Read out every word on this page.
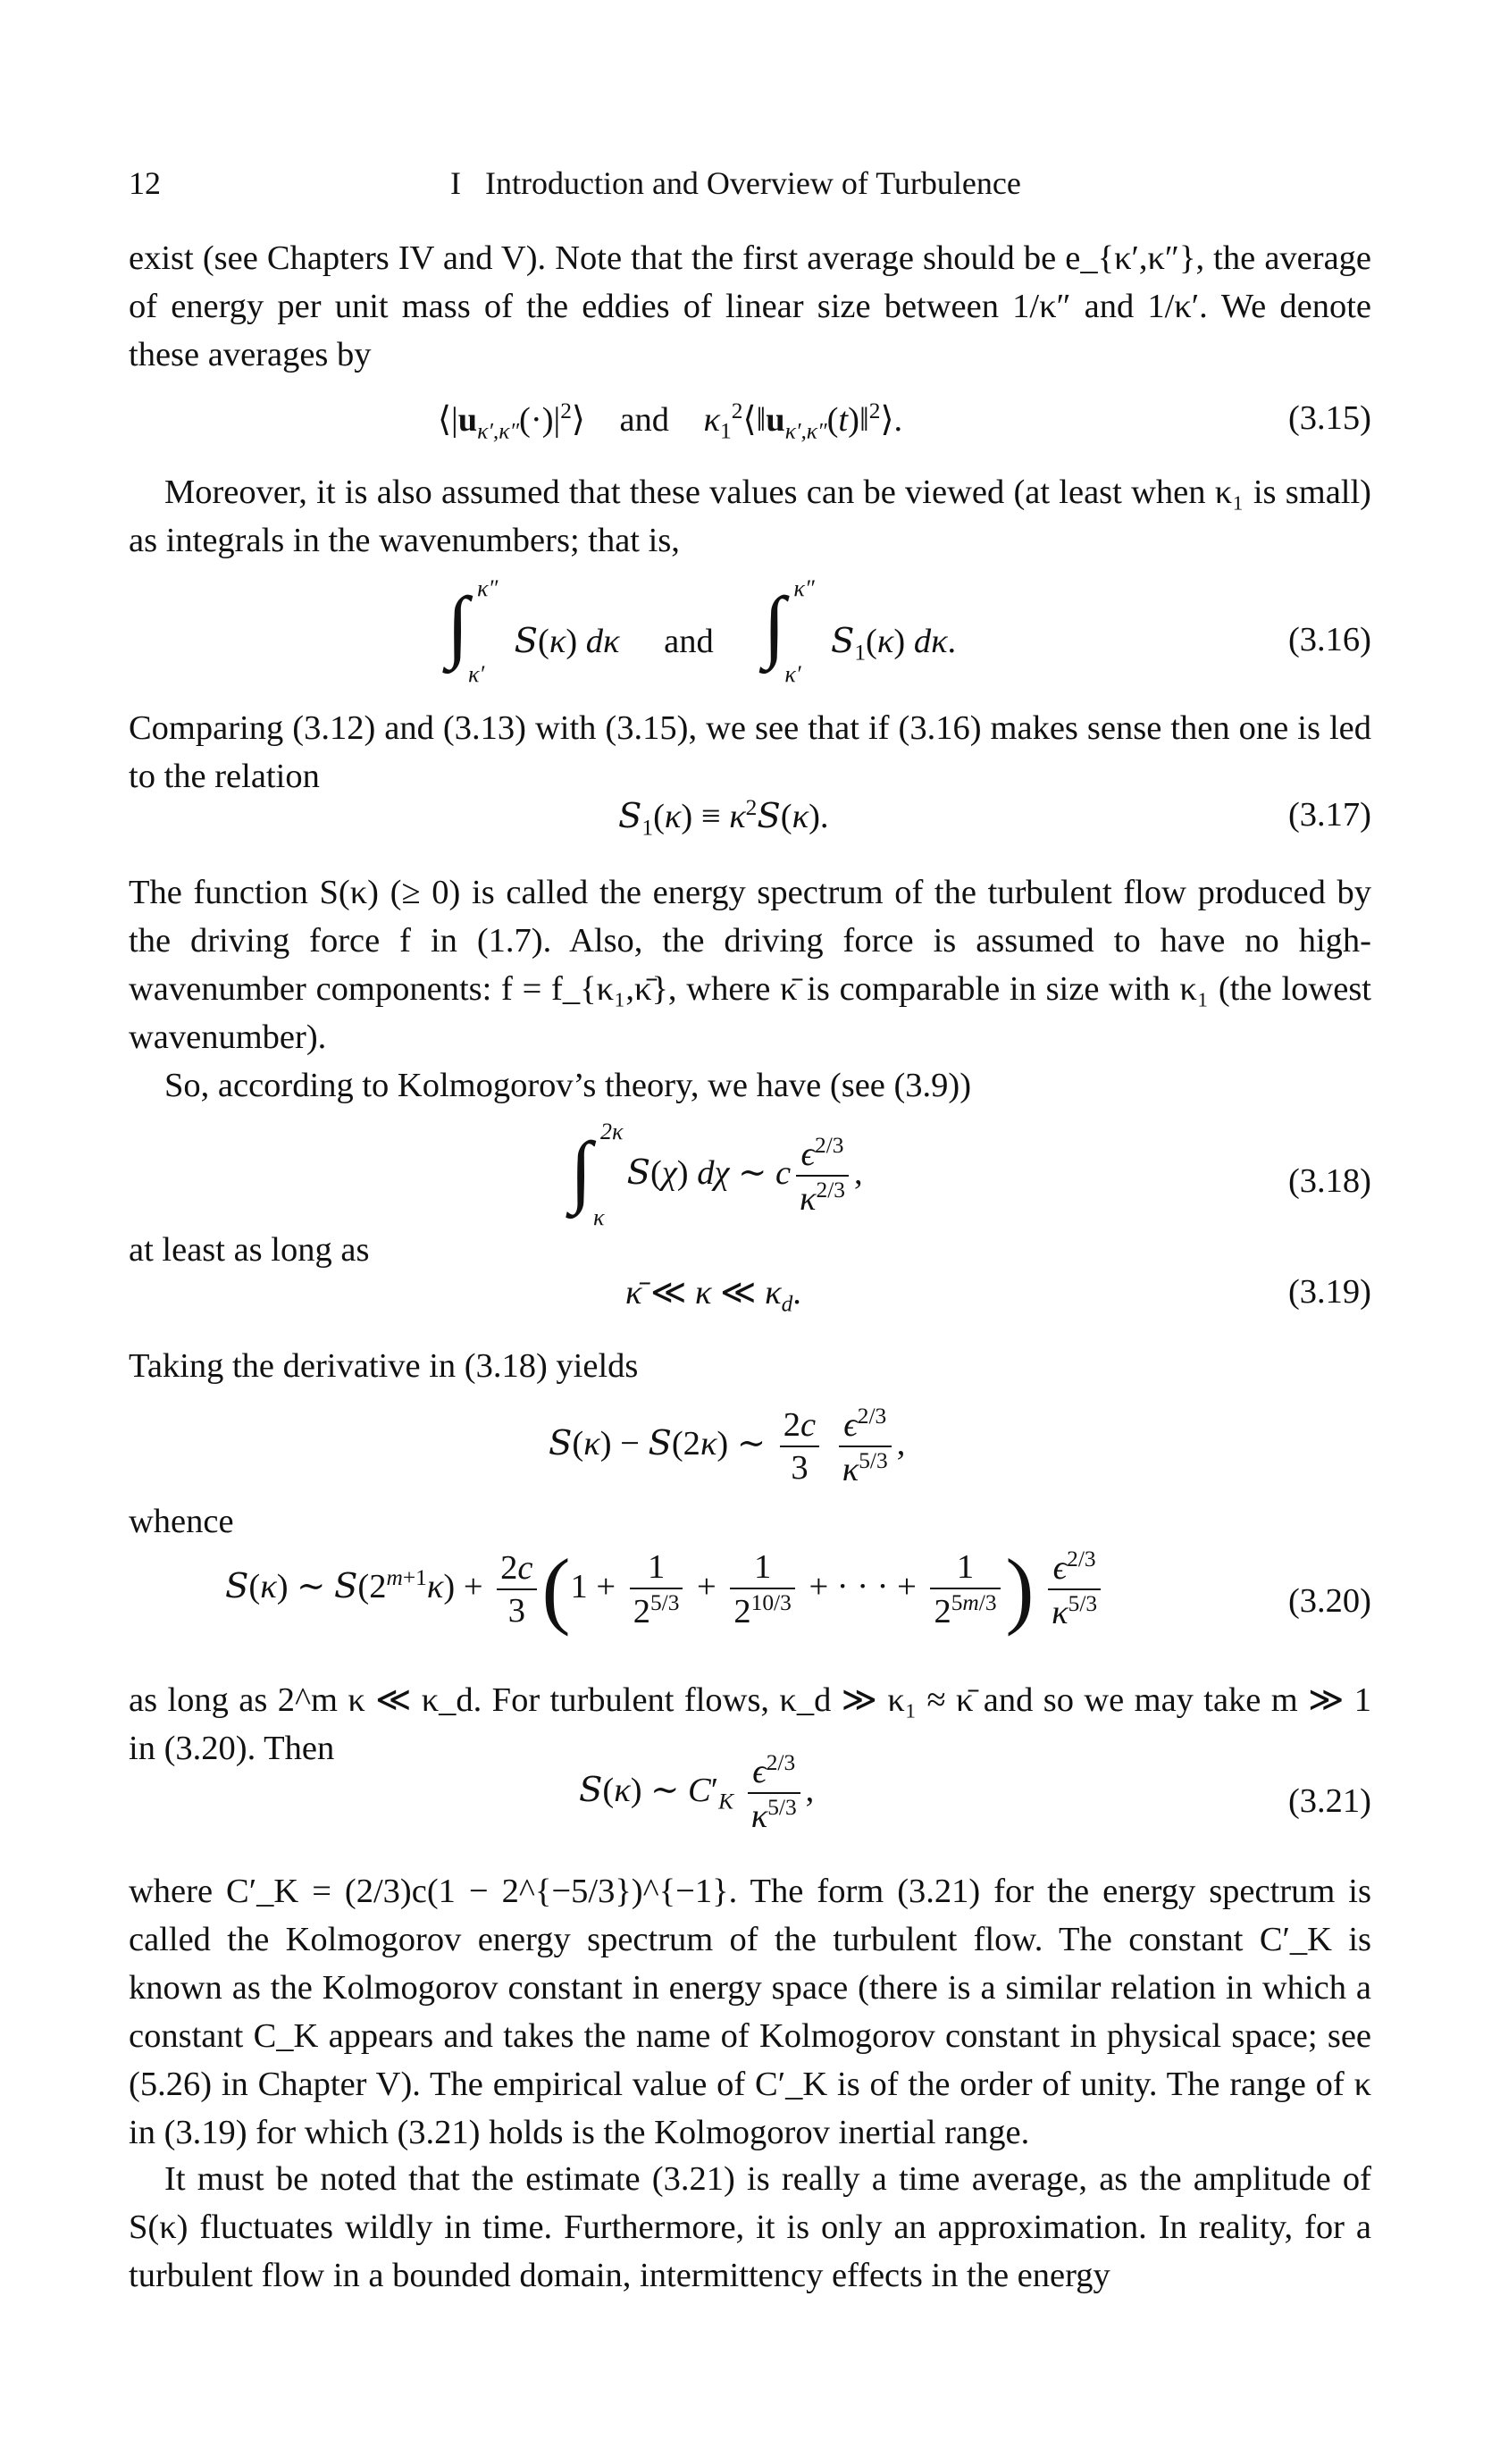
12	I   Introduction and Overview of Turbulence
exist (see Chapters IV and V). Note that the first average should be e_{κ′,κ″}, the average of energy per unit mass of the eddies of linear size between 1/κ″ and 1/κ′. We denote these averages by
$⟨|u_{\kappa',\kappa''}(\cdot)|^2⟩$    and $\kappa_1^2⟨‖u_{\kappa',\kappa''}(t)‖^2⟩$.	(3.15)
Moreover, it is also assumed that these values can be viewed (at least when κ₁ is small) as integrals in the wavenumbers; that is,
∫ κ″
κ′
S(κ) dκ and ∫ κ″
κ′
$S_1(\kappa)$ dκ.	(3.16)
Comparing (3.12) and (3.13) with (3.15), we see that if (3.16) makes sense then one is led to the relation
$S_1(\kappa) \equiv \kappa^2S(\kappa)$.	(3.17)
The function S(κ) (≥ 0) is called the energy spectrum of the turbulent flow produced by the driving force f in (1.7). Also, the driving force is assumed to have no high-wavenumber components: f = f_{κ₁,κ̄}, where κ̄ is comparable in size with κ₁ (the lowest wavenumber).
So, according to Kolmogorov’s theory, we have (see (3.9))
∫ 2κ
κ
S(χ) dχ ∼ c $\frac{\epsilon^{2/3}}{\kappa^{2/3}}$ ,	(3.18)
at least as long as
κ̄ ≪ κ ≪ $\kappa_d$.	(3.19)
Taking the derivative in (3.18) yields
S(κ) − S(2κ) ∼ $\frac{2c}{3}$
$\frac{\epsilon^{2/3}}{\kappa^{5/3}}$ ,
whence
S(κ) ∼ $S(2^{m+1}\kappa) + \frac{2c}{3} (1 + \frac{1}{2^{5/3}} + \frac{1}{2^{10/3}}$ + · · · + $\frac{1}{2^{5m/3}}$ ) $\frac{\epsilon^{2/3}}{\kappa^{5/3}}$	(3.20)
as long as 2^m κ ≪ κ_d. For turbulent flows, κ_d ≫ κ₁ ≈ κ̄ and so we may take m ≫ 1 in (3.20). Then
S(κ) ∼ $C'_K \frac{\epsilon^{2/3}}{\kappa^{5/3}}$ ,	(3.21)
where C′_K = (2/3)c(1 − 2^{−5/3})^{−1}. The form (3.21) for the energy spectrum is called the Kolmogorov energy spectrum of the turbulent flow. The constant C′_K is known as the Kolmogorov constant in energy space (there is a similar relation in which a constant C_K appears and takes the name of Kolmogorov constant in physical space; see (5.26) in Chapter V). The empirical value of C′_K is of the order of unity. The range of κ in (3.19) for which (3.21) holds is the Kolmogorov inertial range.
It must be noted that the estimate (3.21) is really a time average, as the amplitude of S(κ) fluctuates wildly in time. Furthermore, it is only an approximation. In reality, for a turbulent flow in a bounded domain, intermittency effects in the energy
